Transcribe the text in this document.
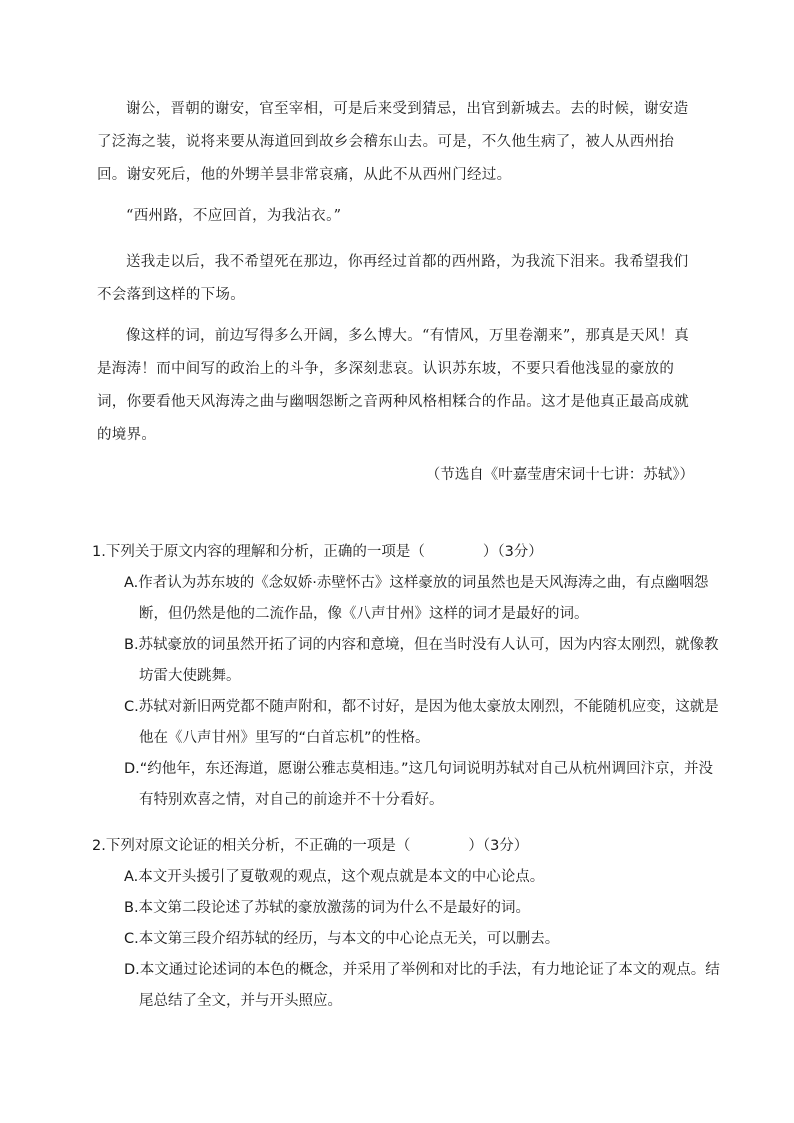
谢公，晋朝的谢安，官至宰相，可是后来受到猜忌，出官到新城去。去的时候，谢安造了泛海之装，说将来要从海道回到故乡会稽东山去。可是，不久他生病了，被人从西州抬回。谢安死后，他的外甥羊昙非常哀痛，从此不从西州门经过。
“西州路，不应回首，为我沾衣。”
送我走以后，我不希望死在那边，你再经过首都的西州路，为我流下泪来。我希望我们不会落到这样的下场。
像这样的词，前边写得多么开阔，多么博大。“有情风，万里卷潮来”，那真是天风！真是海涛！而中间写的政治上的斗争，多深刻悲哀。认识苏东坡，不要只看他浅显的豪放的词，你要看他天风海涛之曲与幽咽怨断之音两种风格相糅合的作品。这才是他真正最高成就的境界。
（节选自《叶嘉莹唐宋词十七讲：苏轼》）
1.下列关于原文内容的理解和分析，正确的一项是（　　　　）（3分）
A.作者认为苏东坡的《念奴娇·赤壁怀古》这样豪放的词虽然也是天风海涛之曲，有点幽咽怨断，但仍然是他的二流作品，像《八声甘州》这样的词才是最好的词。
B.苏轼豪放的词虽然开拓了词的内容和意境，但在当时没有人认可，因为内容太刚烈，就像教坊雷大使跳舞。
C.苏轼对新旧两党都不随声附和，都不讨好，是因为他太豪放太刚烈，不能随机应变，这就是他在《八声甘州》里写的“白首忘机”的性格。
D.“约他年，东还海道，愿谢公雅志莫相违。”这几句词说明苏轼对自己从杭州调回汴京，并没有特别欢喜之情，对自己的前途并不十分看好。
2.下列对原文论证的相关分析，不正确的一项是（　　　　）（3分）
A.本文开头援引了夏敬观的观点，这个观点就是本文的中心论点。
B.本文第二段论述了苏轼的豪放激荡的词为什么不是最好的词。
C.本文第三段介绍苏轼的经历，与本文的中心论点无关，可以删去。
D.本文通过论述词的本色的概念，并采用了举例和对比的手法，有力地论证了本文的观点。结尾总结了全文，并与开头照应。
